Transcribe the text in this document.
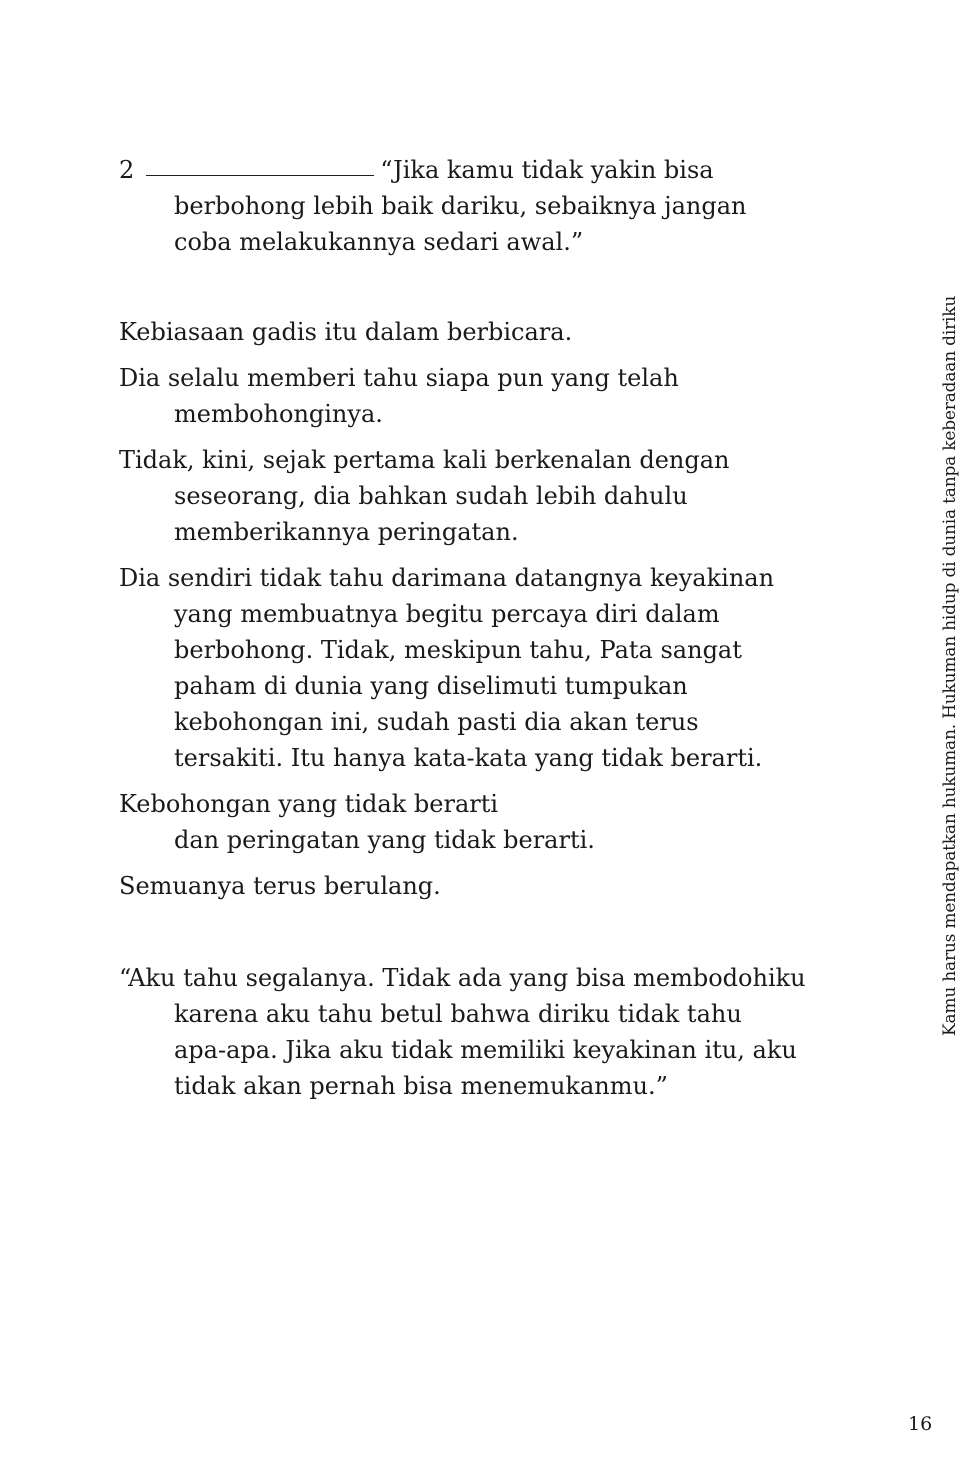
2	“Jika kamu tidak yakin bisa

berbohong lebih baik dariku, sebaiknya jangan

coba melakukannya sedari awal.”

Kebiasaan gadis itu dalam berbicara.

Dia selalu memberi tahu siapa pun yang telah

membohonginya.

Tidak, kini, sejak pertama kali berkenalan dengan

seseorang, dia bahkan sudah lebih dahulu

memberikannya peringatan.

Dia sendiri tidak tahu darimana datangnya keyakinan

yang membuatnya begitu percaya diri dalam

berbohong. Tidak, meskipun tahu, Pata sangat

paham di dunia yang diselimuti tumpukan

kebohongan ini, sudah pasti dia akan terus

tersakiti. Itu hanya kata-kata yang tidak berarti.

Kebohongan yang tidak berarti

dan peringatan yang tidak berarti.

Semuanya terus berulang.

“Aku tahu segalanya. Tidak ada yang bisa membodohiku

karena aku tahu betul bahwa diriku tidak tahu

apa-apa. Jika aku tidak memiliki keyakinan itu, aku

tidak akan pernah bisa menemukanmu.”

Kamu harus mendapatkan hukuman. Hukuman hidup di dunia tanpa keberadaan diriku
16
